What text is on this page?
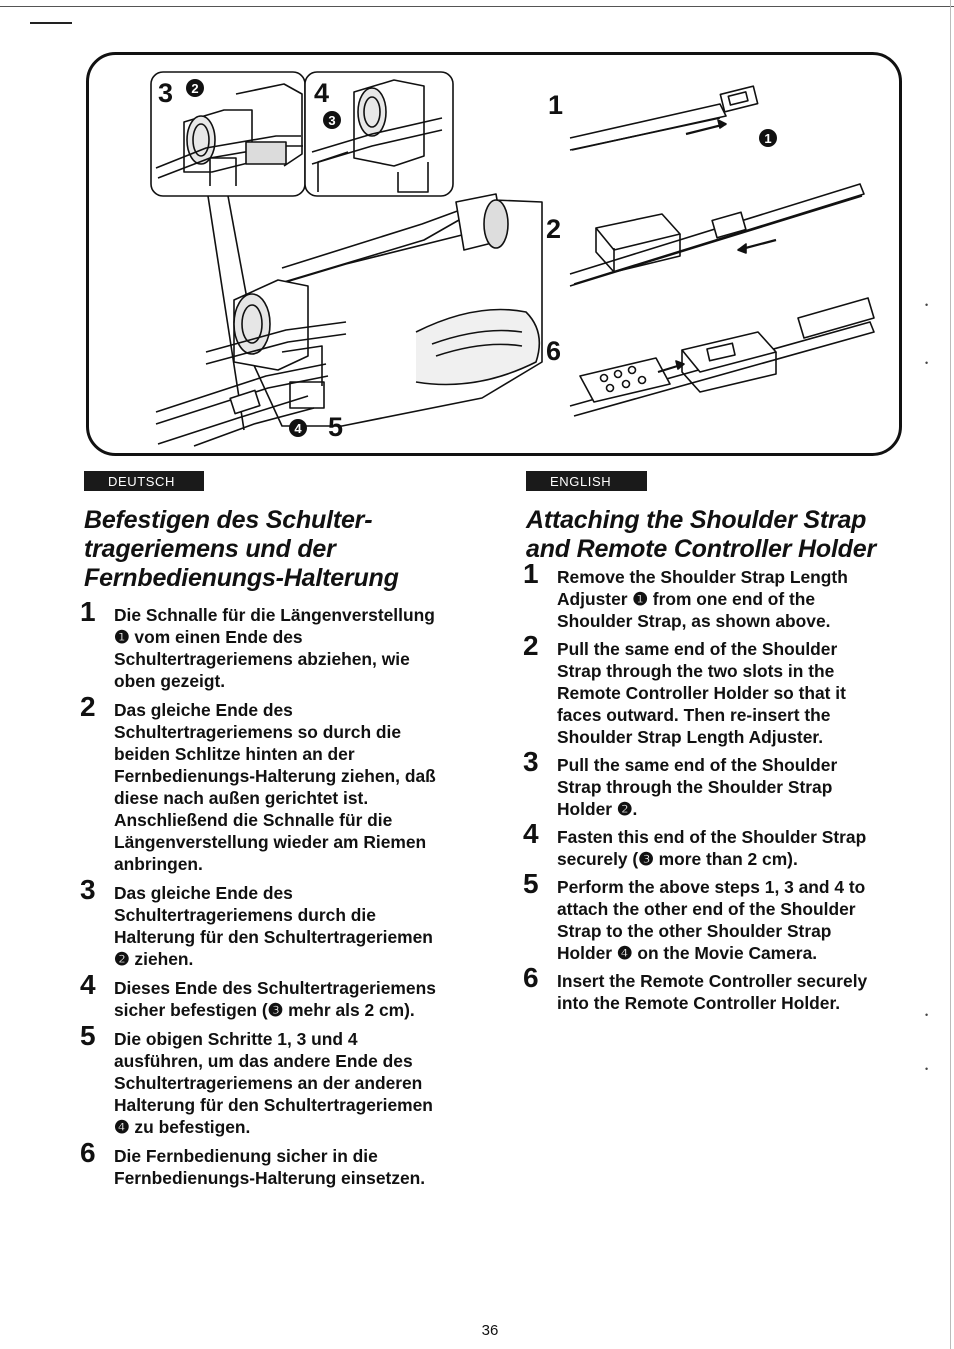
•
•
•
•
3	4
5
1
2
6
1
2
3
4
DEUTSCH
Befestigen des Schulter-
trageriemens und der
Fernbedienungs-Halterung
1 Die Schnalle für die Längenverstellung
❶ vom einen Ende des
Schultertrageriemens abziehen, wie
oben gezeigt.
2 Das gleiche Ende des
Schultertrageriemens so durch die
beiden Schlitze hinten an der
Fernbedienungs-Halterung ziehen, daß
diese nach außen gerichtet ist.
Anschließend die Schnalle für die
Längenverstellung wieder am Riemen
anbringen.
3 Das gleiche Ende des
Schultertrageriemens durch die
Halterung für den Schultertrageriemen
❷ ziehen.
4 Dieses Ende des Schultertrageriemens
sicher befestigen (❸ mehr als 2 cm).
5 Die obigen Schritte 1, 3 und 4
ausführen, um das andere Ende des
Schultertrageriemens an der anderen
Halterung für den Schultertrageriemen
❹ zu befestigen.
6 Die Fernbedienung sicher in die
Fernbedienungs-Halterung einsetzen.
ENGLISH
Attaching the Shoulder Strap
and Remote Controller Holder
1 Remove the Shoulder Strap Length
Adjuster ❶ from one end of the
Shoulder Strap, as shown above.
2 Pull the same end of the Shoulder
Strap through the two slots in the
Remote Controller Holder so that it
faces outward. Then re-insert the
Shoulder Strap Length Adjuster.
3 Pull the same end of the Shoulder
Strap through the Shoulder Strap
Holder ❷.
4 Fasten this end of the Shoulder Strap
securely (❸ more than 2 cm).
5 Perform the above steps 1, 3 and 4 to
attach the other end of the Shoulder
Strap to the other Shoulder Strap
Holder ❹ on the Movie Camera.
6 Insert the Remote Controller securely
into the Remote Controller Holder.
36
